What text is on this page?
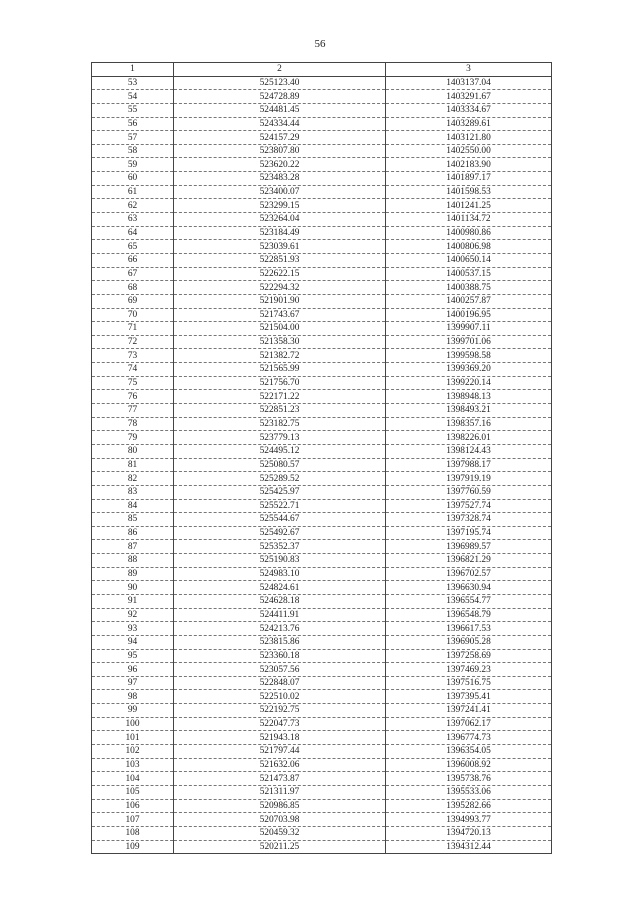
56
1	2	3
53	525123.40	1403137.04
54	524728.89	1403291.67
55	524481.45	1403334.67
56	524334.44	1403289.61
57	524157.29	1403121.80
58	523807.80	1402550.00
59	523620.22	1402183.90
60	523483.28	1401897.17
61	523400.07	1401598.53
62	523299.15	1401241.25
63	523264.04	1401134.72
64	523184.49	1400980.86
65	523039.61	1400806.98
66	522851.93	1400650.14
67	522622.15	1400537.15
68	522294.32	1400388.75
69	521901.90	1400257.87
70	521743.67	1400196.95
71	521504.00	1399907.11
72	521358.30	1399701.06
73	521382.72	1399598.58
74	521565.99	1399369.20
75	521756.70	1399220.14
76	522171.22	1398948.13
77	522851.23	1398493.21
78	523182.75	1398357.16
79	523779.13	1398226.01
80	524495.12	1398124.43
81	525080.57	1397988.17
82	525289.52	1397919.19
83	525425.97	1397760.59
84	525522.71	1397527.74
85	525544.67	1397328.74
86	525492.67	1397195.74
87	525352.37	1396989.57
88	525190.83	1396821.29
89	524983.10	1396702.57
90	524824.61	1396630.94
91	524628.18	1396554.77
92	524411.91	1396548.79
93	524213.76	1396617.53
94	523815.86	1396905.28
95	523360.18	1397258.69
96	523057.56	1397469.23
97	522848.07	1397516.75
98	522510.02	1397395.41
99	522192.75	1397241.41
100	522047.73	1397062.17
101	521943.18	1396774.73
102	521797.44	1396354.05
103	521632.06	1396008.92
104	521473.87	1395738.76
105	521311.97	1395533.06
106	520986.85	1395282.66
107	520703.98	1394993.77
108	520459.32	1394720.13
109	520211.25	1394312.44
